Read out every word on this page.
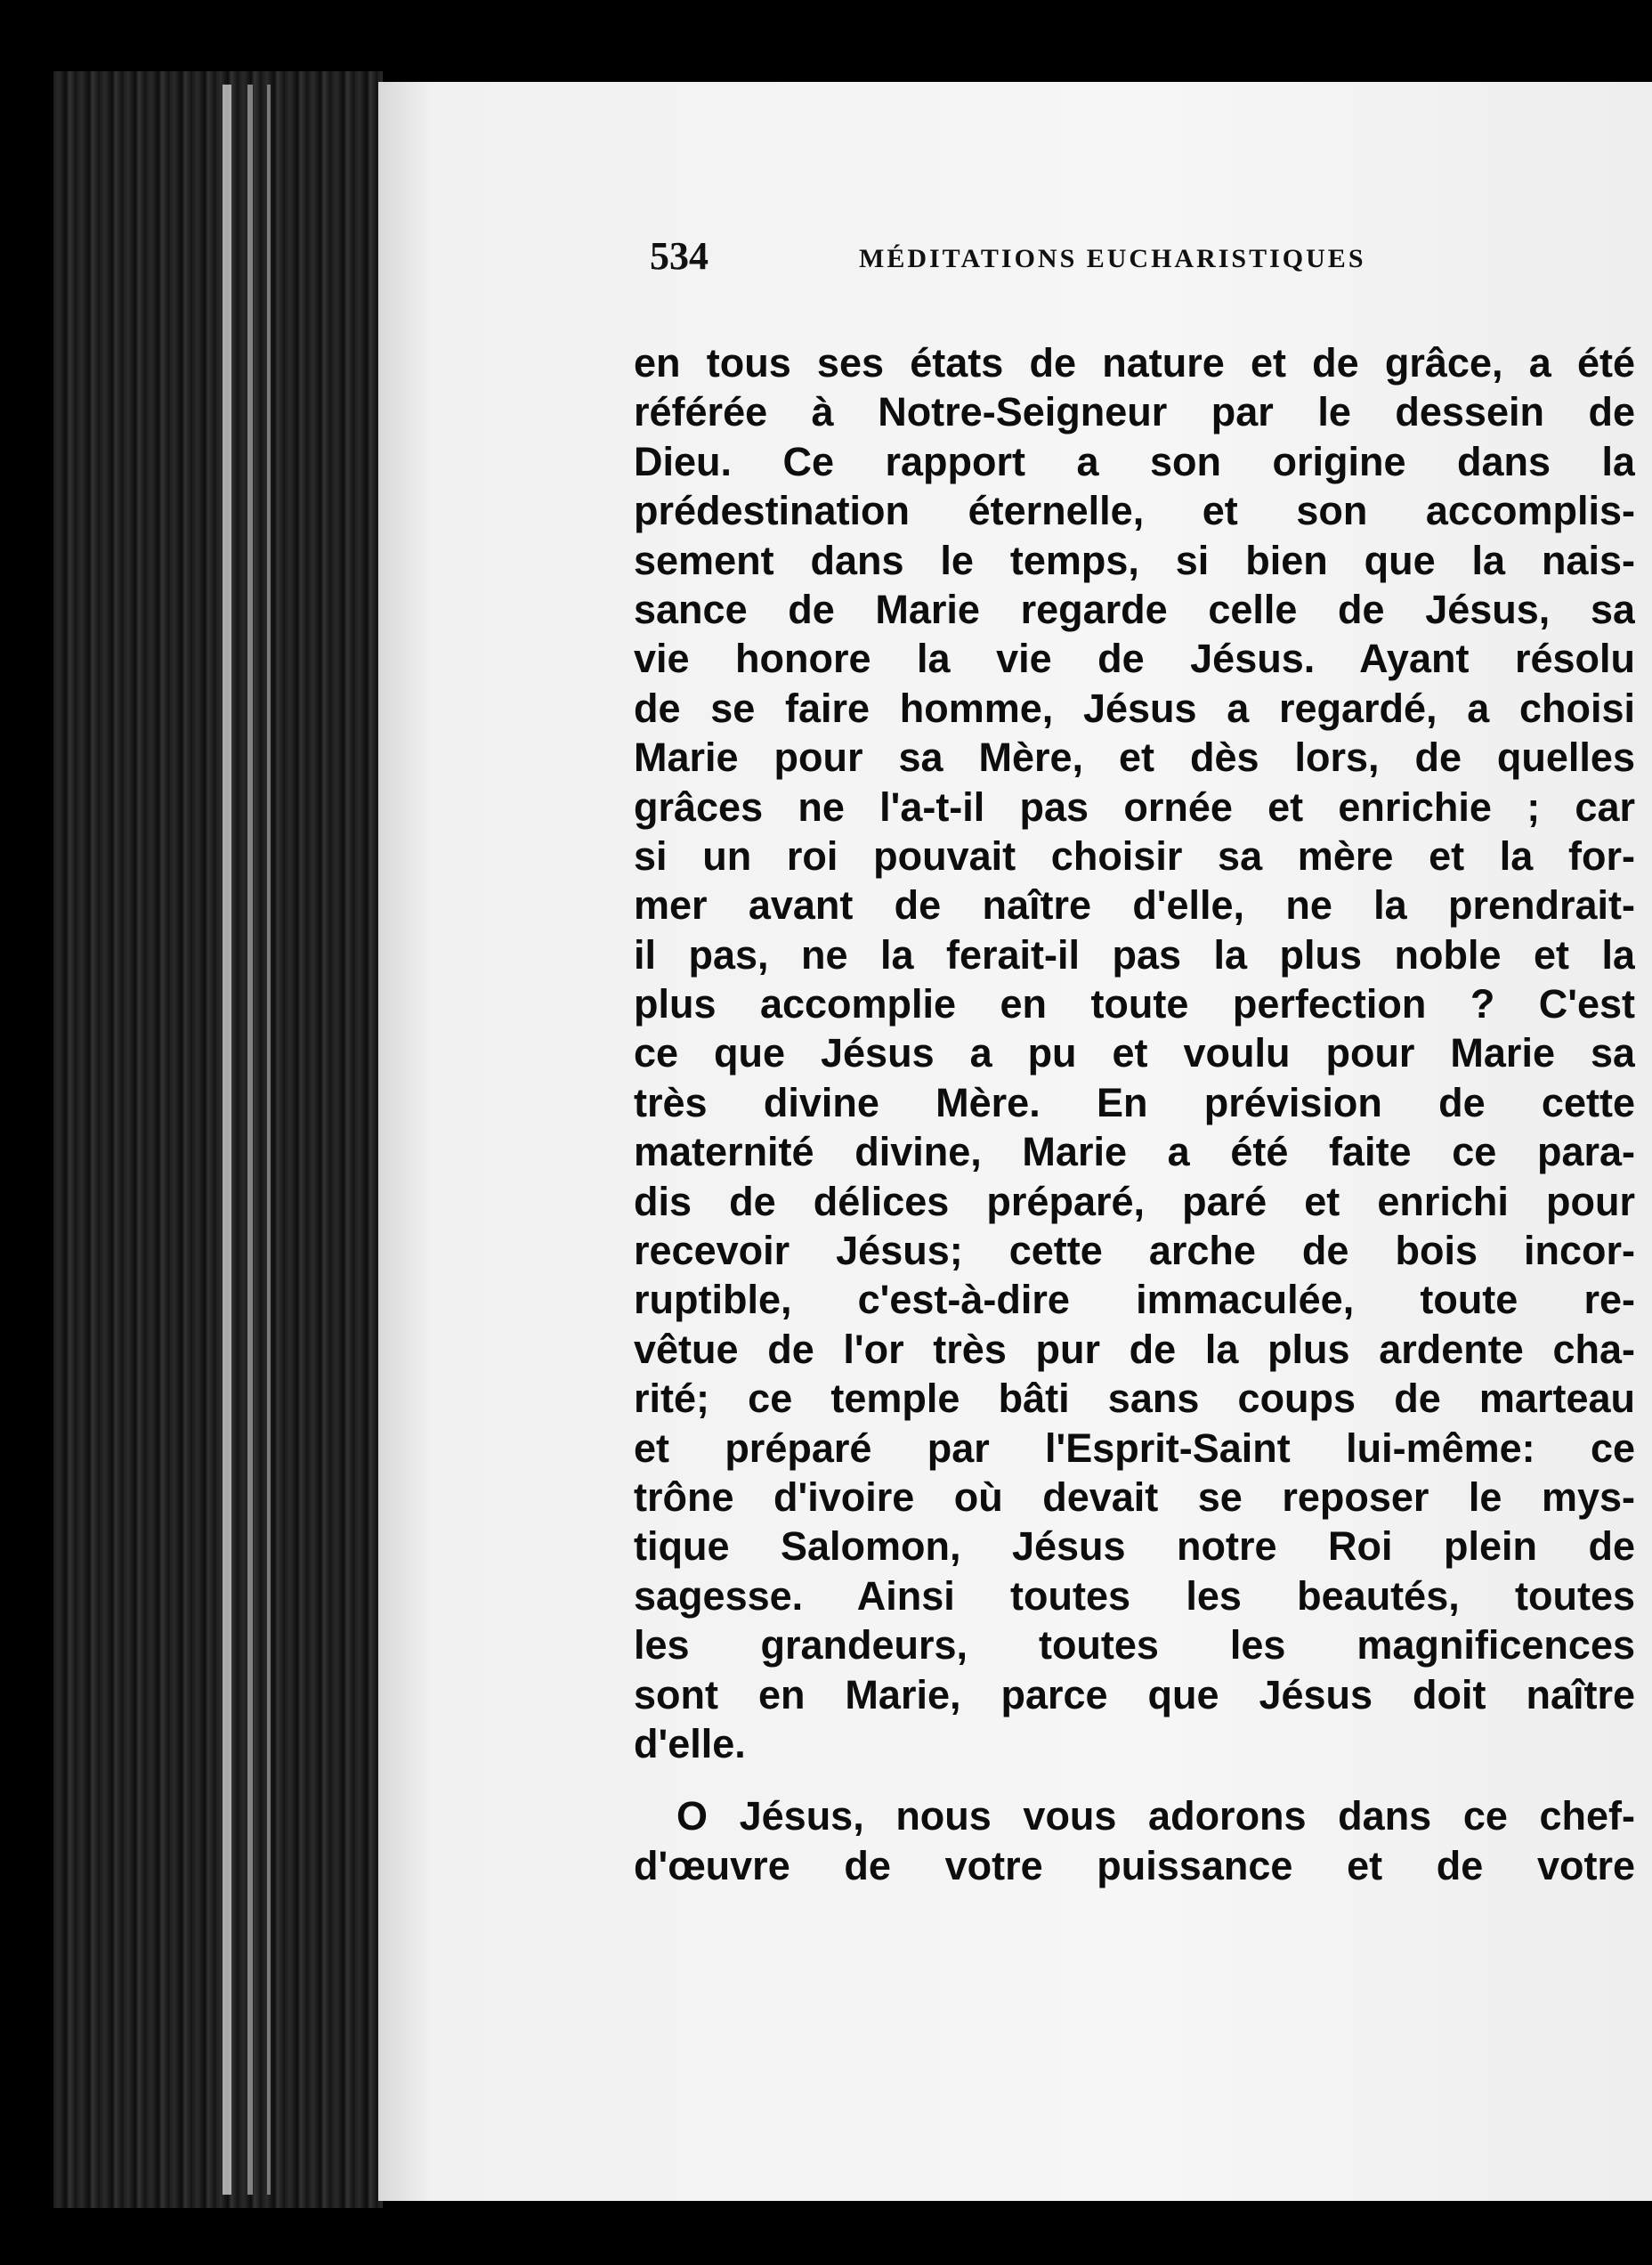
534	MÉDITATIONS EUCHARISTIQUES
en tous ses états de nature et de grâce, a été
référée à Notre-Seigneur par le dessein de
Dieu. Ce rapport a son origine dans la
prédestination éternelle, et son accomplis-
sement dans le temps, si bien que la nais-
sance de Marie regarde celle de Jésus, sa
vie honore la vie de Jésus. Ayant résolu
de se faire homme, Jésus a regardé, a choisi
Marie pour sa Mère, et dès lors, de quelles
grâces ne l'a-t-il pas ornée et enrichie ; car
si un roi pouvait choisir sa mère et la for-
mer avant de naître d'elle, ne la prendrait-
il pas, ne la ferait-il pas la plus noble et la
plus accomplie en toute perfection ? C'est
ce que Jésus a pu et voulu pour Marie sa
très divine Mère. En prévision de cette
maternité divine, Marie a été faite ce para-
dis de délices préparé, paré et enrichi pour
recevoir Jésus; cette arche de bois incor-
ruptible, c'est-à-dire immaculée, toute re-
vêtue de l'or très pur de la plus ardente cha-
rité; ce temple bâti sans coups de marteau
et préparé par l'Esprit-Saint lui-même: ce
trône d'ivoire où devait se reposer le mys-
tique Salomon, Jésus notre Roi plein de
sagesse. Ainsi toutes les beautés, toutes
les grandeurs, toutes les magnificences
sont en Marie, parce que Jésus doit naître
d'elle.
O Jésus, nous vous adorons dans ce chef-
d'œuvre de votre puissance et de votre
